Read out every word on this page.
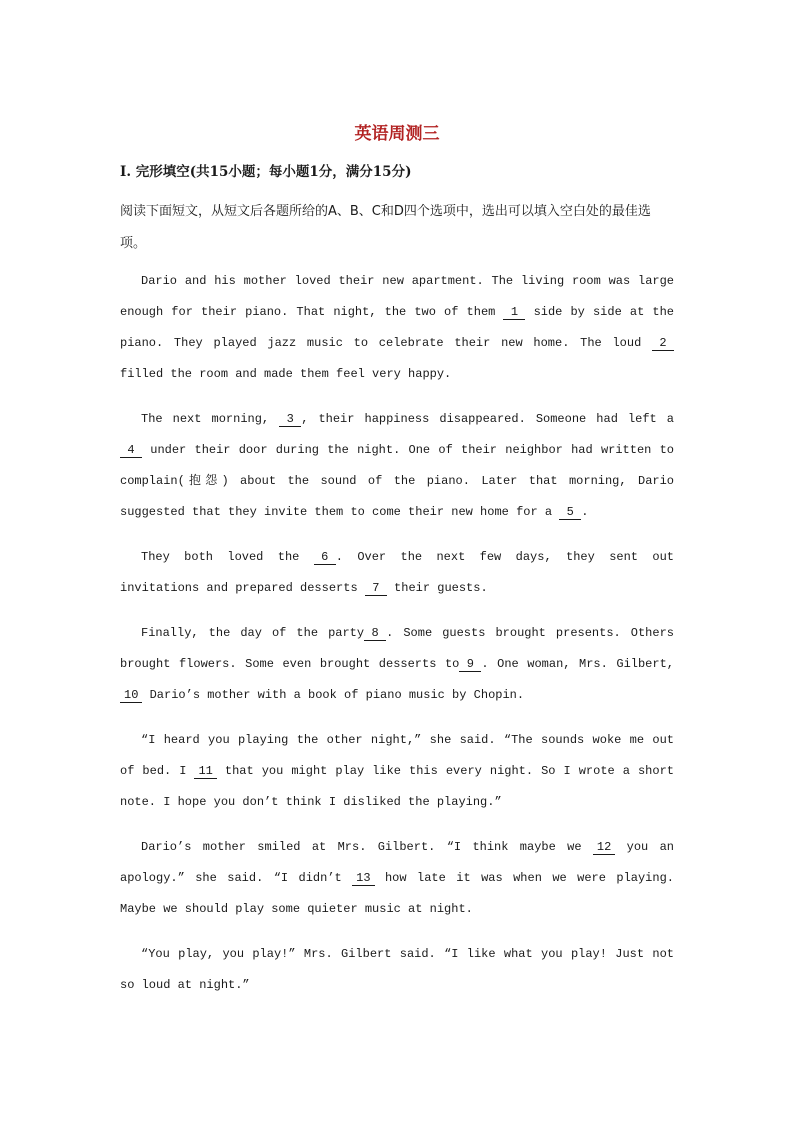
英语周测三
I. 完形填空(共15小题；每小题1分，满分15分)
阅读下面短文，从短文后各题所给的A、B、C和D四个选项中，选出可以填入空白处的最佳选项。

Dario and his mother loved their new apartment. The living room was large enough for their piano. That night, the two of them 1 side by side at the piano. They played jazz music to celebrate their new home. The loud 2filled the room and made them feel very happy.

The next morning, 3 , their happiness disappeared. Someone had left a 4 under their door during the night. One of their neighbor had written to complain(抱怨) about the sound of the piano. Later that morning, Dario suggested that they invite them to come their new home for a 5 .

They both loved the 6 . Over the next few days, they sent out invitations and prepared desserts 7 their guests.

Finally, the day of the party 8 . Some guests brought presents. Others brought flowers. Some even brought desserts to 9 . One woman, Mrs. Gilbert, 10 Dario’s mother with a book of piano music by Chopin.

“I heard you playing the other night,” she said. “The sounds woke me out of bed. I 11 that you might play like this every night. So I wrote a short note. I hope you don’t think I disliked the playing.”

Dario’s mother smiled at Mrs. Gilbert. “I think maybe we 12 you an apology.” she said. “I didn’t 13 how late it was when we were playing. Maybe we should play some quieter music at night.

“You play, you play!” Mrs. Gilbert said. “I like what you play! Just not so loud at night.”
